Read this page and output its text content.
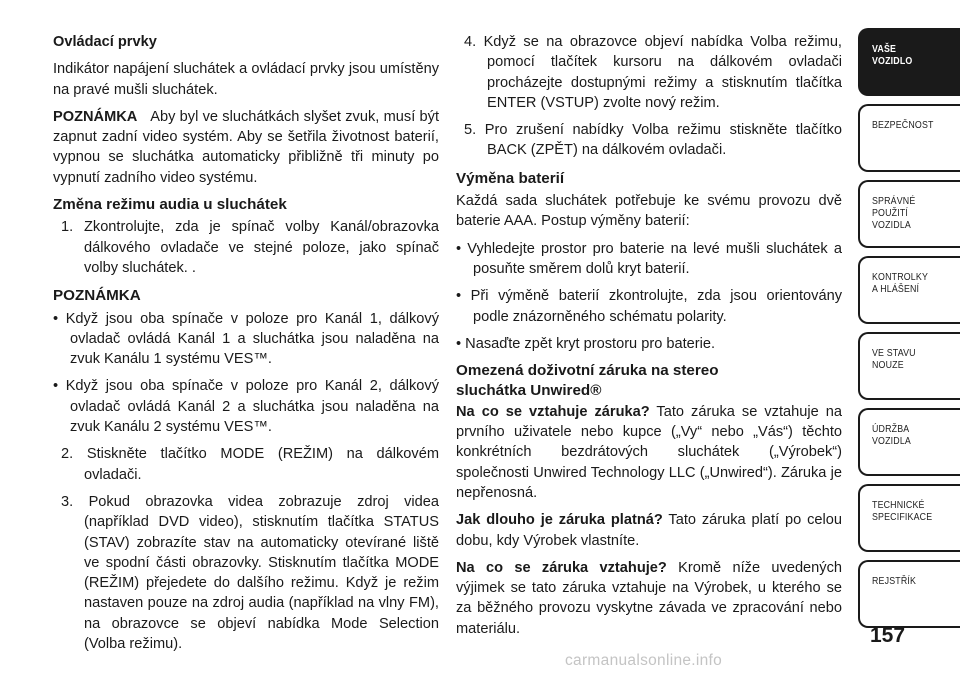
Ovládací prvky

Indikátor napájení sluchátek a ovládací prvky jsou umístěny na pravé mušli sluchátek.

POZNÁMKA Aby byl ve sluchátkách slyšet zvuk, musí být zapnut zadní video systém. Aby se šetřila životnost baterií, vypnou se sluchátka automaticky přibližně tři minuty po vypnutí zadního video systému.

Změna režimu audia u sluchátek

1. Zkontrolujte, zda je spínač volby Kanál/obrazovka dálkového ovladače ve stejné poloze, jako spínač volby sluchátek. .

POZNÁMKA

• Když jsou oba spínače v poloze pro Kanál 1, dálkový ovladač ovládá Kanál 1 a sluchátka jsou naladěna na zvuk Kanálu 1 systému VES™.

• Když jsou oba spínače v poloze pro Kanál 2, dálkový ovladač ovládá Kanál 2 a sluchátka jsou naladěna na zvuk Kanálu 2 systému VES™.

2. Stiskněte tlačítko MODE (REŽIM) na dálkovém ovladači.

3. Pokud obrazovka videa zobrazuje zdroj videa (například DVD video), stisknutím tlačítka STATUS (STAV) zobrazíte stav na automaticky otevírané liště ve spodní části obrazovky. Stisknutím tlačítka MODE (REŽIM) přejedete do dalšího režimu. Když je režim nastaven pouze na zdroj audia (například na vlny FM), na obrazovce se objeví nabídka Mode Selection (Volba režimu).

4. Když se na obrazovce objeví nabídka Volba režimu, pomocí tlačítek kursoru na dálkovém ovladači procházejte dostupnými režimy a stisknutím tlačítka ENTER (VSTUP) zvolte nový režim.

5. Pro zrušení nabídky Volba režimu stiskněte tlačítko BACK (ZPĚT) na dálkovém ovladači.

Výměna baterií

Každá sada sluchátek potřebuje ke svému provozu dvě baterie AAA. Postup výměny baterií:

• Vyhledejte prostor pro baterie na levé mušli sluchátek a posuňte směrem dolů kryt baterií.

• Při výměně baterií zkontrolujte, zda jsou orientovány podle znázorněného schématu polarity.

• Nasaďte zpět kryt prostoru pro baterie.

Omezená doživotní záruka na stereo

sluchátka Unwired®

Na co se vztahuje záruka? Tato záruka se vztahuje na prvního uživatele nebo kupce („Vy“ nebo „Vás“) těchto konkrétních bezdrátových sluchátek („Výrobek“) společnosti Unwired Technology LLC („Unwired“). Záruka je nepřenosná.

Jak dlouho je záruka platná? Tato záruka platí po celou dobu, kdy Výrobek vlastníte.

Na co se záruka vztahuje? Kromě níže uvedených výjimek se tato záruka vztahuje na Výrobek, u kterého se za běžného provozu vyskytne závada ve zpracování nebo materiálu.

VAŠE
VOZIDLO
BEZPEČNOST
SPRÁVNÉ
POUŽITÍ
VOZIDLA
KONTROLKY
A HLÁŠENÍ
VE STAVU
NOUZE
ÚDRŽBA
VOZIDLA
TECHNICKÉ
SPECIFIKACE
REJSTŘÍK
157
carmanualsonline.info
